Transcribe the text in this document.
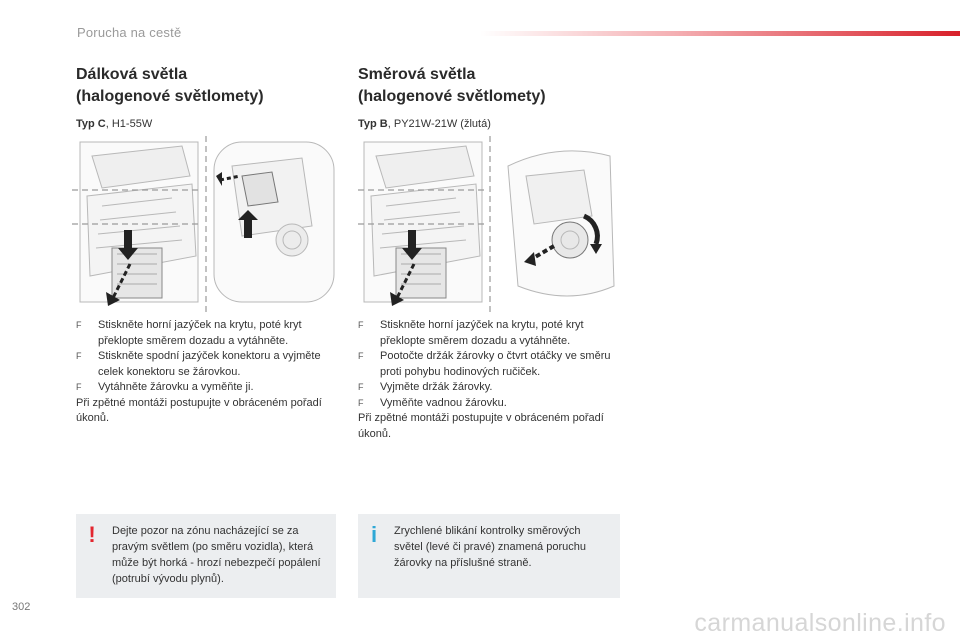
Porucha na cestě
Dálková světla
(halogenové světlomety)
Typ C, H1-55W
Směrová světla
(halogenové světlomety)
Typ B, PY21W-21W (žlutá)
F Stiskněte horní jazýček na krytu, poté kryt překlopte směrem dozadu a vytáhněte.
F Stiskněte spodní jazýček konektoru a vyjměte celek konektoru se žárovkou.
F Vytáhněte žárovku a vyměňte ji.
Při zpětné montáži postupujte v obráceném pořadí úkonů.
F Stiskněte horní jazýček na krytu, poté kryt překlopte směrem dozadu a vytáhněte.
F Pootočte držák žárovky o čtvrt otáčky ve směru proti pohybu hodinových ručiček.
F Vyjměte držák žárovky.
F Vyměňte vadnou žárovku.
Při zpětné montáži postupujte v obráceném pořadí úkonů.
!	Dejte pozor na zónu nacházející se za pravým světlem (po směru vozidla), která může být horká - hrozí nebezpečí popálení (potrubí vývodu plynů).
i	Zrychlené blikání kontrolky směrových světel (levé či pravé) znamená poruchu žárovky na příslušné straně.
302
carmanualsonline.info
